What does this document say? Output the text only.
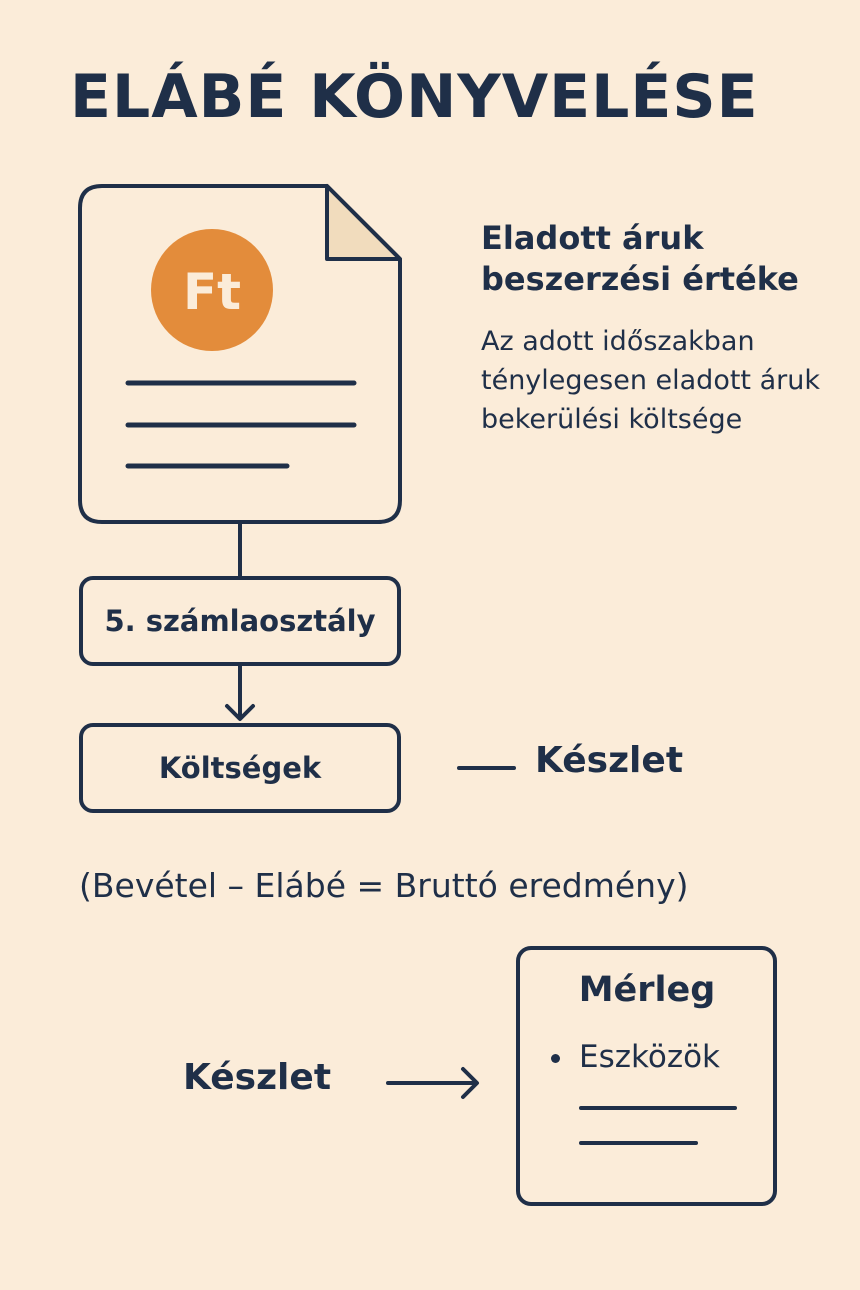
ELÁBÉ KÖNYVELÉSE
Ft
Eladott áruk beszerzési értéke
Az adott időszakban ténylegesen eladott áruk bekerülési költsége
5. számlaosztály
Költségek	Készlet
(Bevétel – Elábé = Bruttó eredmény)
Készlet
Mérleg
Eszközök
